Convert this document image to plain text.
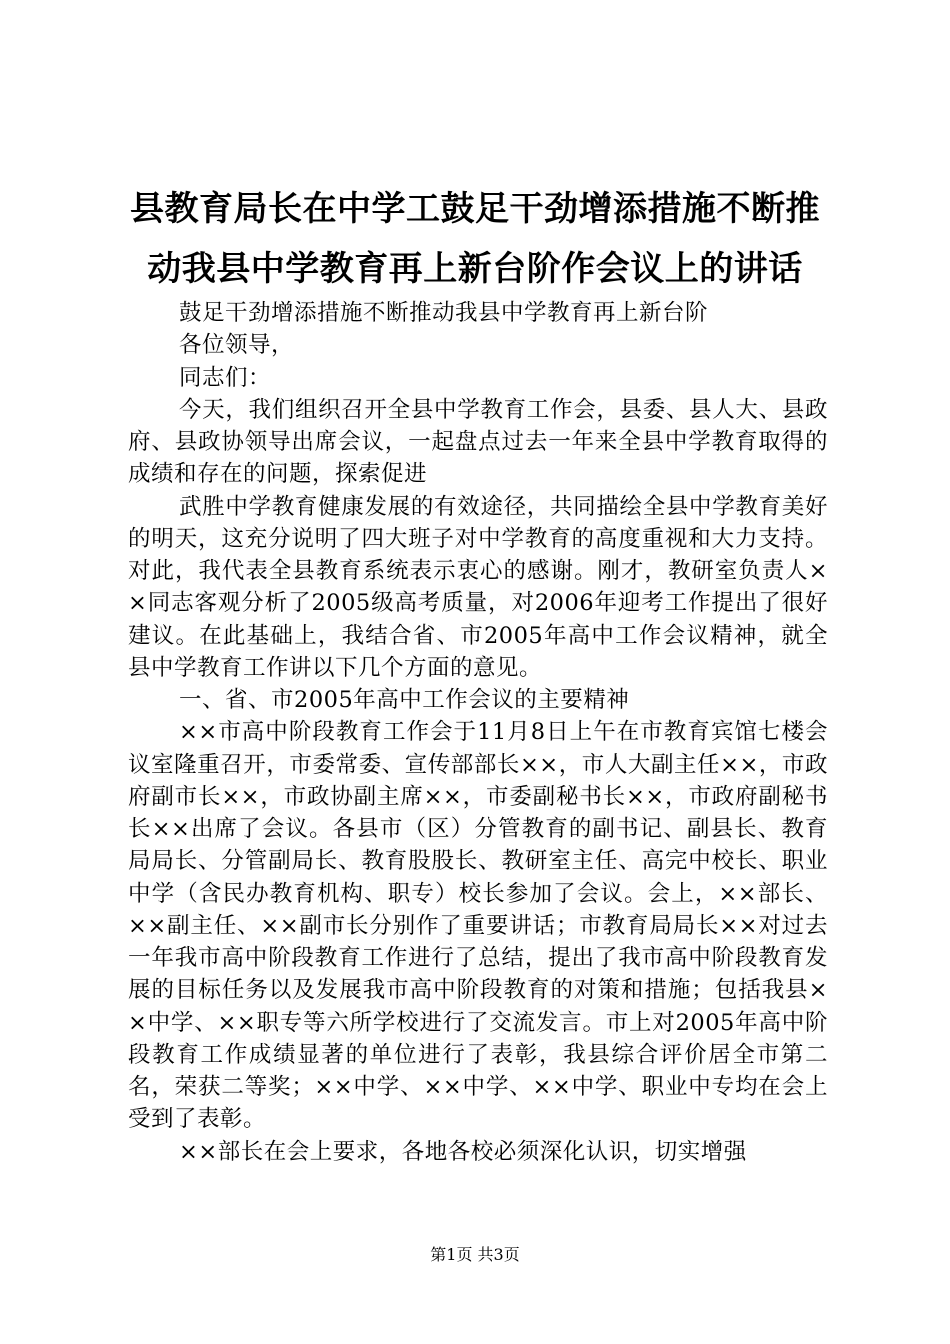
县教育局长在中学工鼓足干劲增添措施不断推
动我县中学教育再上新台阶作会议上的讲话

鼓足干劲增添措施不断推动我县中学教育再上新台阶

各位领导，

同志们：

今天，我们组织召开全县中学教育工作会，县委、县人大、县政府、县政协领导出席会议，一起盘点过去一年来全县中学教育取得的成绩和存在的问题，探索促进

武胜中学教育健康发展的有效途径，共同描绘全县中学教育美好的明天，这充分说明了四大班子对中学教育的高度重视和大力支持。对此，我代表全县教育系统表示衷心的感谢。刚才，教研室负责人××同志客观分析了2005级高考质量，对2006年迎考工作提出了很好建议。在此基础上，我结合省、市2005年高中工作会议精神，就全县中学教育工作讲以下几个方面的意见。

一、省、市2005年高中工作会议的主要精神

××市高中阶段教育工作会于11月8日上午在市教育宾馆七楼会议室隆重召开，市委常委、宣传部部长××，市人大副主任××，市政府副市长××，市政协副主席××，市委副秘书长××，市政府副秘书长××出席了会议。各县市（区）分管教育的副书记、副县长、教育局局长、分管副局长、教育股股长、教研室主任、高完中校长、职业中学（含民办教育机构、职专）校长参加了会议。会上，××部长、××副主任、××副市长分别作了重要讲话；市教育局局长××对过去一年我市高中阶段教育工作进行了总结，提出了我市高中阶段教育发展的目标任务以及发展我市高中阶段教育的对策和措施；包括我县××中学、××职专等六所学校进行了交流发言。市上对2005年高中阶段教育工作成绩显著的单位进行了表彰，我县综合评价居全市第二名，荣获二等奖；××中学、××中学、××中学、职业中专均在会上受到了表彰。

××部长在会上要求，各地各校必须深化认识，切实增强

第1页 共3页
